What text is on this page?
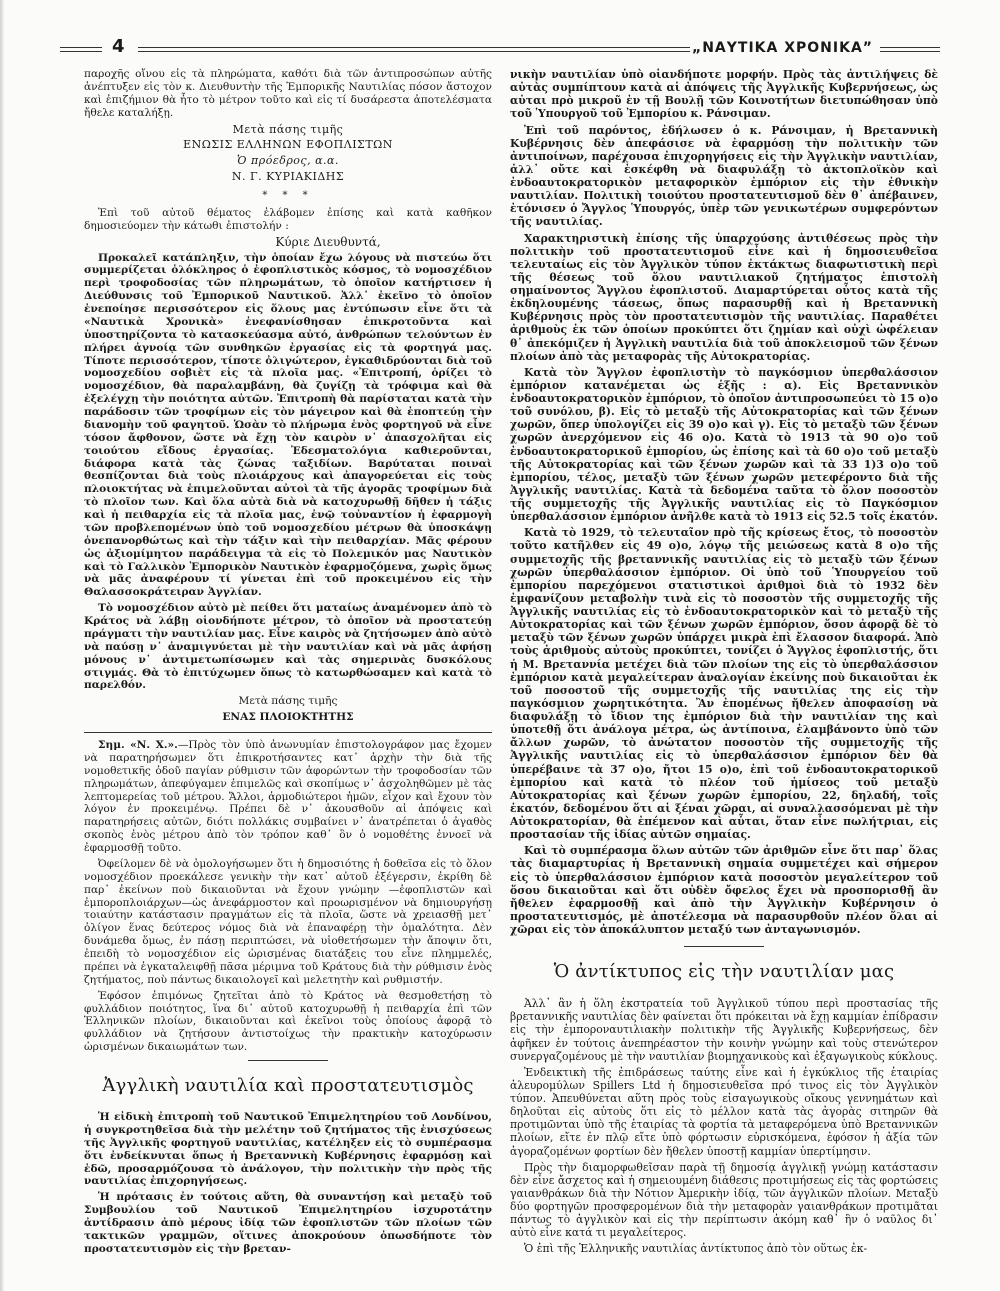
4	„ΝΑΥΤΙΚΑ ΧΡΟΝΙΚΑ”

παροχῆς οἴνου εἰς τὰ πληρώματα, καθότι διὰ τῶν ἀντιπροσώπων αὐτῆς ἀνέπτυξεν εἰς τὸν κ. Διευθυντὴν τῆς Ἐμπορικῆς Ναυτιλίας πόσον ἄστοχον καὶ ἐπιζήμιον θὰ ἦτο τὸ μέτρον τοῦτο καὶ εἰς τί δυσάρεστα ἀποτελέσματα ἤθελε καταλήξῃ.

Μετὰ πάσης τιμῆς

ΕΝΩΣΙΣ ΕΛΛΗΝΩΝ ΕΦΟΠΛΙΣΤΩΝ

Ὁ πρόεδρος, α.α.

Ν. Γ. ΚΥΡΙΑΚΙΔΗΣ

* * *

Ἐπὶ τοῦ αὐτοῦ θέματος ἐλάβομεν ἐπίσης καὶ κατὰ καθῆκον δημοσιεύομεν τὴν κάτωθι ἐπιστολήν :

Κύριε Διευθυντά,

Προκαλεῖ κατάπληξιν, τὴν ὁποίαν ἔχω λόγους νὰ πιστεύω ὅτι συμμερίζεται ὁλόκληρος ὁ ἐφοπλιστικὸς κόσμος, τὸ νομοσχέδιον περὶ τροφοδοσίας τῶν πληρωμάτων, τὸ ὁποῖον κατήρτισεν ἡ Διεύθυνσις τοῦ Ἐμπορικοῦ Ναυτικοῦ. Ἀλλ᾽ ἐκεῖνο τὸ ὁποῖον ἐνεποίησε περισσότερον εἰς ὅλους μας ἐντύπωσιν εἶνε ὅτι τὰ «Ναυτικὰ Χρονικὰ» ἐνεφανίσθησαν ἐπικροτοῦντα καὶ ὑποστηρίζοντα τὸ κατασκεύασμα αὐτό, ἀνθρώπων τελούντων ἐν πλήρει ἀγνοίᾳ τῶν συνθηκῶν ἐργασίας εἰς τὰ φορτηγά μας. Τίποτε περισσότερον, τίποτε ὀλιγώτερον, ἐγκαθιδρύονται διὰ τοῦ νομοσχεδίου σοβιὲτ εἰς τὰ πλοῖα μας. «Ἐπιτροπή, ὁρίζει τὸ νομοσχέδιον, θὰ παραλαμβάνῃ, θὰ ζυγίζῃ τὰ τρόφιμα καὶ θὰ ἐξελέγχῃ τὴν ποιότητα αὐτῶν. Ἐπιτροπὴ θὰ παρίσταται κατὰ τὴν παράδοσιν τῶν τροφίμων εἰς τὸν μάγειρον καὶ θὰ ἐποπτεύῃ τὴν διανομὴν τοῦ φαγητοῦ. Ὡσὰν τὸ πλήρωμα ἑνὸς φορτηγοῦ νὰ εἶνε τόσον ἄφθονον, ὥστε νὰ ἔχῃ τὸν καιρὸν ν᾽ ἀπασχολῆται εἰς τοιούτου εἴδους ἐργασίας. Ἐδεσματολόγια καθιεροῦνται, διάφορα κατὰ τὰς ζώνας ταξιδίων. Βαρύταται ποιναὶ θεσπίζονται διὰ τοὺς πλοιάρχους καὶ ἀπαγορεύεται εἰς τοὺς πλοιοκτήτας νὰ ἐπιμελοῦνται αὐτοὶ τὰ τῆς ἀγορᾶς τροφίμων διὰ τὸ πλοῖον των. Καὶ ὅλα αὐτὰ διὰ νὰ κατοχυρωθῇ δῆθεν ἡ τάξις καὶ ἡ πειθαρχία εἰς τὰ πλοῖα μας, ἐνῷ τοὐναντίον ἡ ἐφαρμογὴ τῶν προβλεπομένων ὑπὸ τοῦ νομοσχεδίου μέτρων θὰ ὑποσκάψῃ ὁνεπανορθώτως καὶ τὴν τάξιν καὶ τὴν πειθαρχίαν. Μᾶς φέρουν ὡς ἀξιομίμητον παράδειγμα τὰ εἰς τὸ Πολεμικόν μας Ναυτικὸν καὶ τὸ Γαλλικὸν Ἐμπορικὸν Ναυτικὸν ἐφαρμοζόμενα, χωρὶς ὅμως νὰ μᾶς ἀναφέρουν τί γίνεται ἐπὶ τοῦ προκειμένου εἰς τὴν Θαλασσοκράτειραν Ἀγγλίαν.

Τὸ νομοσχέδιον αὐτὸ μὲ πείθει ὅτι ματαίως ἀναμένομεν ἀπὸ τὸ Κράτος νὰ λάβῃ οἱονδήποτε μέτρον, τὸ ὁποῖον νὰ προστατεύῃ πράγματι τὴν ναυτιλίαν μας. Εἶνε καιρὸς νὰ ζητήσωμεν ἀπὸ αὐτὸ νὰ παύσῃ ν᾽ ἀναμιγνύεται μὲ τὴν ναυτιλίαν καὶ νὰ μᾶς ἀφήσῃ μόνους ν᾽ ἀντιμετωπίσωμεν καὶ τὰς σημερινὰς δυσκόλους στιγμάς. Θὰ τὸ ἐπιτύχωμεν ὅπως τὸ κατωρθώσαμεν καὶ κατὰ τὸ παρελθόν.

Μετὰ πάσης τιμῆς

ΕΝΑΣ ΠΛΟΙΟΚΤΗΤΗΣ

Σημ. «Ν. Χ.».—Πρὸς τὸν ὑπὸ ἀνωνυμίαν ἐπιστολογράφον μας ἔχομεν νὰ παρατηρήσωμεν ὅτι ἐπικροτήσαντες κατ᾽ ἀρχὴν τὴν διὰ τῆς νομοθετικῆς ὁδοῦ παγίαν ρύθμισιν τῶν ἀφορώντων τὴν τροφοδοσίαν τῶν πληρωμάτων, ἀπεφύγαμεν ἐπιμελῶς καὶ σκοπίμως ν᾽ ἀσχοληθῶμεν μὲ τὰς λεπτομερείας τοῦ μέτρου. Ἄλλοι, ἁρμοδιώτεροι ἡμῶν, εἶχον καὶ ἔχουν τὸν λόγον ἐν προκειμένῳ. Πρέπει δὲ ν᾽ ἀκουσθοῦν αἱ ἀπόψεις καὶ παρατηρήσεις αὐτῶν, διότι πολλάκις συμβαίνει ν᾽ ἀνατρέπεται ὁ ἀγαθὸς σκοπὸς ἑνὸς μέτρου ἀπὸ τὸν τρόπον καθ᾽ ὃν ὁ νομοθέτης ἐννοεῖ νὰ ἐφαρμοσθῇ τοῦτο.

Ὀφείλομεν δὲ νὰ ὁμολογήσωμεν ὅτι ἡ δημοσιότης ἡ δοθεῖσα εἰς τὸ ὅλον νομοσχέδιον προεκάλεσε γενικὴν τὴν κατ᾽ αὐτοῦ ἐξέγερσιν, ἐκρίθη δὲ παρ᾽ ἐκείνων ποὺ δικαιοῦνται νὰ ἔχουν γνώμην —ἐφοπλιστῶν καὶ ἐμποροπλοιάρχων—ὡς ἀνεφάρμοστον καὶ προωρισμένον νὰ δημιουργήσῃ τοιαύτην κατάστασιν πραγμάτων εἰς τὰ πλοῖα, ὥστε νὰ χρειασθῇ μετ᾽ ὀλίγον ἕνας δεύτερος νόμος διὰ νὰ ἐπαναφέρῃ τὴν ὁμαλότητα. Δὲν δυνάμεθα ὅμως, ἐν πάσῃ περιπτώσει, νὰ υἱοθετήσωμεν τὴν ἄποψιν ὅτι, ἐπειδὴ τὸ νομοσχέδιον εἰς ὡρισμένας διατάξεις του εἶνε πλημμελές, πρέπει νὰ ἐγκαταλειφθῇ πᾶσα μέριμνα τοῦ Κράτους διὰ τὴν ρύθμισιν ἑνὸς ζητήματος, ποὺ πάντως δικαιολογεῖ καὶ μελετητὴν καὶ ρυθμιστήν.

Ἐφόσον ἐπιμόνως ζητεῖται ἀπὸ τὸ Κράτος νὰ θεσμοθετήσῃ τὸ φυλλάδιον ποιότητος, ἵνα δι᾽ αὐτοῦ κατοχυρωθῇ ἡ πειθαρχία ἐπὶ τῶν Ἑλληνικῶν πλοίων, δικαιοῦνται καὶ ἐκεῖνοι τοὺς ὁποίους ἀφορᾷ τὸ φυλλάδιον νὰ ζητήσουν ἀντιστοίχως τὴν πρακτικὴν κατοχύρωσιν ὡρισμένων δικαιωμάτων των.

Ἀγγλικὴ ναυτιλία καὶ προστατευτισμὸς

Ἡ εἰδικὴ ἐπιτροπὴ τοῦ Ναυτικοῦ Ἐπιμελητηρίου τοῦ Λονδίνου, ἡ συγκροτηθεῖσα διὰ τὴν μελέτην τοῦ ζητήματος τῆς ἐνισχύσεως τῆς Ἀγγλικῆς φορτηγοῦ ναυτιλίας, κατέληξεν εἰς τὸ συμπέρασμα ὅτι ἐνδείκνυται ὅπως ἡ Βρεταννικὴ Κυβέρνησις ἐφαρμόσῃ καὶ ἐδῶ, προσαρμόζουσα τὸ ἀνάλογον, τὴν πολιτικὴν τὴν πρὸς τῆς ναυτιλίας ἐπιχορηγήσεως.

Ἡ πρότασις ἐν τούτοις αὕτη, θὰ συναντήσῃ καὶ μεταξὺ τοῦ Συμβουλίου τοῦ Ναυτικοῦ Ἐπιμελητηρίου ἰσχυροτάτην ἀντίδρασιν ἀπὸ μέρους ἰδίᾳ τῶν ἐφοπλιστῶν τῶν πλοίων τῶν τακτικῶν γραμμῶν, οἵτινες ἀποκρούουν ὁπωσδήποτε τὸν προστατευτισμὸν εἰς τὴν βρεταν-

νικὴν ναυτιλίαν ὑπὸ οἱανδήποτε μορφήν. Πρὸς τὰς ἀντιλήψεις δὲ αὐτὰς συμπίπτουν κατὰ αἱ ἀπόψεις τῆς Ἀγγλικῆς Κυβερνήσεως, ὡς αὐται πρὸ μικροῦ ἐν τῇ Βουλῇ τῶν Κοινοτήτων διετυπώθησαν ὑπὸ τοῦ Ὑπουργοῦ τοῦ Ἐμπορίου κ. Ράνσιμαν.

Ἐπὶ τοῦ παρόντος, ἐδήλωσεν ὁ κ. Ράνσιμαν, ἡ Βρεταννικὴ Κυβέρνησις δὲν ἀπεφάσισε νὰ ἐφαρμόσῃ τὴν πολιτικὴν τῶν ἀντιποίνων, παρέχουσα ἐπιχορηγήσεις εἰς τὴν Ἀγγλικὴν ναυτιλίαν, ἀλλ᾽ οὔτε καὶ ἐσκέφθη νὰ διαφυλάξῃ τὸ ἀκτοπλοϊκὸν καὶ ἐνδοαυτοκρατορικὸν μεταφορικὸν ἐμπόριον εἰς τὴν ἐθνικὴν ναυτιλίαν. Πολιτικὴ τοιούτου προστατευτισμοῦ δὲν θ᾽ ἀπέβαινεν, ἐτόνισεν ὁ Ἄγγλος Ὑπουργός, ὑπὲρ τῶν γενικωτέρων συμφερόντων τῆς ναυτιλίας.

Χαρακτηριστικὴ ἐπίσης τῆς ὑπαρχούσης ἀντιθέσεως πρὸς τὴν πολιτικὴν τοῦ προστατευτισμοῦ εἶνε καὶ ἡ δημοσιευθεῖσα τελευταίως εἰς τὸν Ἀγγλικὸν τύπον ἐκτάκτως διαφωτιστικὴ περὶ τῆς θέσεως τοῦ ὅλου ναυτιλιακοῦ ζητήματος ἐπιστολὴ σημαίνοντος Ἄγγλου ἐφοπλιστοῦ. Διαμαρτύρεται οὗτος κατὰ τῆς ἐκδηλουμένης τάσεως, ὅπως παρασυρθῇ καὶ ἡ Βρεταννικὴ Κυβέρνησις πρὸς τὸν προστατευτισμὸν τῆς ναυτιλίας. Παραθέτει ἀριθμοὺς ἐκ τῶν ὁποίων προκύπτει ὅτι ζημίαν καὶ οὐχὶ ὠφέλειαν θ᾽ ἀπεκόμιζεν ἡ Ἀγγλικὴ ναυτιλία διὰ τοῦ ἀποκλεισμοῦ τῶν ξένων πλοίων ἀπὸ τὰς μεταφορὰς τῆς Αὐτοκρατορίας.

Κατὰ τὸν Ἄγγλον ἐφοπλιστὴν τὸ παγκόσμιον ὑπερθαλάσσιον ἐμπόριον κατανέμεται ὡς ἑξῆς : α). Εἰς Βρεταννικὸν ἐνδοαυτοκρατορικὸν ἐμπόριον, τὸ ὁποῖον ἀντιπροσωπεύει τὸ 15 ο)ο τοῦ συνόλου, β). Εἰς τὸ μεταξὺ τῆς Αὐτοκρατορίας καὶ τῶν ξένων χωρῶν, ὅπερ ὑπολογίζει εἰς 39 ο)ο καὶ γ). Εἰς τὸ μεταξὺ τῶν ξένων χωρῶν ἀνερχόμενον εἰς 46 ο)ο. Κατὰ τὸ 1913 τὰ 90 ο)ο τοῦ ἐνδοαυτοκρατορικοῦ ἐμπορίου, ὡς ἐπίσης καὶ τὰ 60 ο)ο τοῦ μεταξὺ τῆς Αὐτοκρατορίας καὶ τῶν ξένων χωρῶν καὶ τὰ 33 1)3 ο)ο τοῦ ἐμπορίου, τέλος, μεταξὺ τῶν ξένων χωρῶν μετεφέροντο διὰ τῆς Ἀγγλικῆς ναυτιλίας. Κατὰ τὰ δεδομένα ταῦτα τὸ ὅλον ποσοστὸν τῆς συμμετοχῆς τῆς Ἀγγλικῆς ναυτιλίας εἰς τὸ Παγκόσμιον ὑπερθαλάσσιον ἐμπόριον ἀνῆλθε κατὰ τὸ 1913 εἰς 52.5 τοῖς ἑκατόν.

Κατὰ τὸ 1929, τὸ τελευταῖον πρὸ τῆς κρίσεως ἔτος, τὸ ποσοστὸν τοῦτο κατῆλθεν εἰς 49 ο)ο, λόγῳ τῆς μειώσεως κατὰ 8 ο)ο τῆς συμμετοχῆς τῆς βρεταννικῆς ναυτιλίας εἰς τὸ μεταξὺ τῶν ξένων χωρῶν ὑπερθαλάσσιον ἐμπόριον. Οἱ ὑπὸ τοῦ Ὑπουργείου τοῦ ἐμπορίου παρεχόμενοι στατιστικοὶ ἀριθμοὶ διὰ τὸ 1932 δὲν ἐμφανίζουν μεταβολὴν τινὰ εἰς τὸ ποσοστὸν τῆς συμμετοχῆς τῆς Ἀγγλικῆς ναυτιλίας εἰς τὸ ἐνδοαυτοκρατορικὸν καὶ τὸ μεταξὺ τῆς Αὐτοκρατορίας καὶ τῶν ξένων χωρῶν ἐμπόριον, ὅσον ἀφορᾷ δὲ τὸ μεταξὺ τῶν ξένων χωρῶν ὑπάρχει μικρὰ ἐπὶ ἔλασσον διαφορά. Ἀπὸ τοὺς ἀριθμοὺς αὐτοὺς προκύπτει, τονίζει ὁ Ἄγγλος ἐφοπλιστής, ὅτι ἡ Μ. Βρεταννία μετέχει διὰ τῶν πλοίων της εἰς τὸ ὑπερθαλάσσιον ἐμπόριον κατὰ μεγαλείτεραν ἀναλογίαν ἐκείνης ποὺ δικαιοῦται ἐκ τοῦ ποσοστοῦ τῆς συμμετοχῆς τῆς ναυτιλίας της εἰς τὴν παγκόσμιον χωρητικότητα. Ἂν ἐπομένως ἤθελεν ἀποφασίσῃ νὰ διαφυλάξῃ τὸ ἴδιον της ἐμπόριον διὰ τὴν ναυτιλίαν της καὶ ὑποτεθῇ ὅτι ἀνάλογα μέτρα, ὡς ἀντίποινα, ἐλαμβάνοντο ὑπὸ τῶν ἄλλων χωρῶν, τὸ ἀνώτατον ποσοστὸν τῆς συμμετοχῆς τῆς Ἀγγλικῆς ναυτιλίας εἰς τὸ ὑπερθαλάσσιον ἐμπόριον δὲν θὰ ὑπερέβαινε τὰ 37 ο)ο, ἤτοι 15 ο)ο, ἐπὶ τοῦ ἐνδοαυτοκρατορικοῦ ἐμπορίου καὶ κατὰ τὸ πλέον τοῦ ἡμίσεος τοῦ μεταξὺ Αὐτοκρατορίας καὶ ξένων χωρῶν ἐμπορίου, 22, δηλαδή, τοῖς ἑκατόν, δεδομένου ὅτι αἱ ξέναι χῶραι, αἱ συναλλασσόμεναι μὲ τὴν Αὐτοκρατορίαν, θὰ ἐπέμενον καὶ αὗται, ὅταν εἶνε πωλήτριαι, εἰς προστασίαν τῆς ἰδίας αὐτῶν σημαίας.

Καὶ τὸ συμπέρασμα ὅλων αὐτῶν τῶν ἀριθμῶν εἶνε ὅτι παρ᾽ ὅλας τὰς διαμαρτυρίας ἡ Βρεταννικὴ σημαία συμμετέχει καὶ σήμερον εἰς τὸ ὑπερθαλάσσιον ἐμπόριον κατὰ ποσοστὸν μεγαλείτερον τοῦ ὅσου δικαιοῦται καὶ ὅτι οὐδὲν ὄφελος ἔχει νὰ προσπορισθῇ ἂν ἤθελεν ἐφαρμοσθῇ καὶ ἀπὸ τὴν Ἀγγλικὴν Κυβέρνησιν ὁ προστατευτισμός, μὲ ἀποτέλεσμα νὰ παρασυρθοῦν πλέον ὅλαι αἱ χῶραι εἰς τὸν ἀποκάλυπτον μεταξύ των ἀνταγωνισμόν.

Ὁ ἀντίκτυπος εἰς τὴν ναυτιλίαν μας

Ἀλλ᾽ ἂν ἡ ὅλη ἐκστρατεία τοῦ Ἀγγλικοῦ τύπου περὶ προστασίας τῆς βρεταννικῆς ναυτιλίας δὲν φαίνεται ὅτι πρόκειται νὰ ἔχῃ καμμίαν ἐπίδρασιν εἰς τὴν ἐμποροναυτιλιακὴν πολιτικὴν τῆς Ἀγγλικῆς Κυβερνήσεως, δὲν ἀφῆκεν ἐν τούτοις ἀνεπηρέαστον τὴν κοινὴν γνώμην καὶ τοὺς στενώτερον συνεργαζομένους μὲ τὴν ναυτιλίαν βιομηχανικοὺς καὶ ἐξαγωγικοὺς κύκλους.

Ἐνδεικτικὴ τῆς ἐπιδράσεως ταύτης εἶνε καὶ ἡ ἐγκύκλιος τῆς ἑταιρίας ἀλευρομύλων Spillers Ltd ἡ δημοσιευθεῖσα πρό τινος εἰς τὸν Ἀγγλικὸν τύπον. Ἀπευθύνεται αὕτη πρὸς τοὺς εἰσαγωγικοὺς οἴκους γεννημάτων καὶ δηλοῦται εἰς αὐτοὺς ὅτι εἰς τὸ μέλλον κατὰ τὰς ἀγορὰς σιτηρῶν θὰ προτιμῶνται ὑπὸ τῆς ἑταιρίας τὰ φορτία τὰ μεταφερόμενα ὑπὸ Βρεταννικῶν πλοίων, εἴτε ἐν πλῷ εἴτε ὑπὸ φόρτωσιν εὑρισκόμενα, ἐφόσον ἡ ἀξία τῶν ἀγοραζομένων φορτίων δὲν ἤθελεν ὑποστῇ καμμίαν ὑπερτίμησιν.

Πρὸς τὴν διαμορφωθεῖσαν παρὰ τῇ δημοσίᾳ ἀγγλικῇ γνώμῃ κατάστασιν δὲν εἶνε ἄσχετος καὶ ἡ σημειουμένη διάθεσις προτιμήσεως εἰς τὰς φορτώσεις γαιανθράκων διὰ τὴν Νότιον Ἀμερικὴν ἰδίᾳ, τῶν ἀγγλικῶν πλοίων. Μεταξὺ δύο φορτηγῶν προσφερομένων διὰ τὴν μεταφορὰν γαιανθράκων προτιμᾶται πάντως τὸ ἀγγλικὸν καὶ εἰς τὴν περίπτωσιν ἀκόμη καθ᾽ ἣν ὁ ναῦλος δι᾽ αὐτὸ εἶνε κατά τι μεγαλείτερος.

Ὁ ἐπὶ τῆς Ἑλληνικῆς ναυτιλίας ἀντίκτυπος ἀπὸ τὸν οὕτως ἐκ-
